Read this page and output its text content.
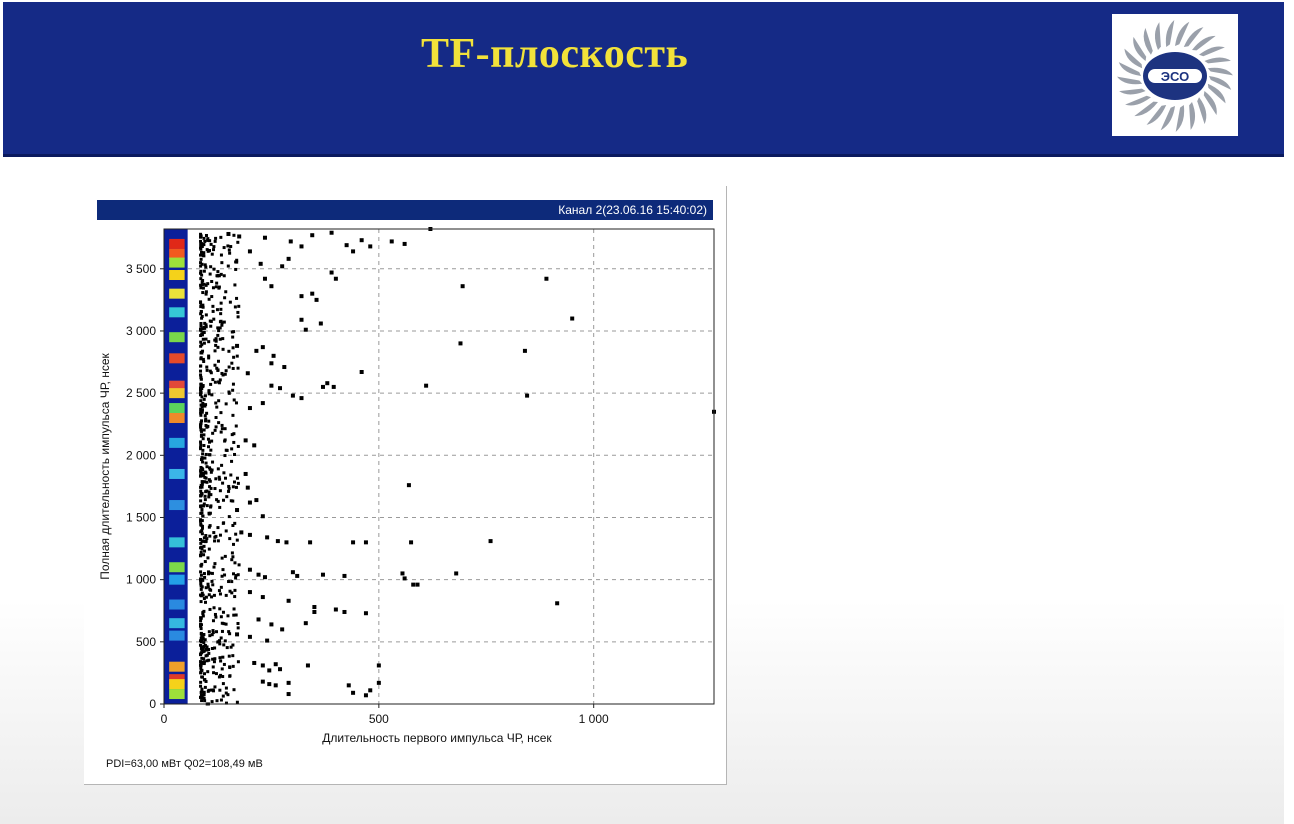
TF-плоскость	ЭСО
Канал 2(23.06.16 15:40:02)
0
500
1 000
1 500
2 000
2 500
3 000
3 500
0	500	1 000
Длительность первого импульса ЧР, нсек
Полная длительность импульса ЧР, нсек
PDI=63,00 мВт Q02=108,49 мВ
